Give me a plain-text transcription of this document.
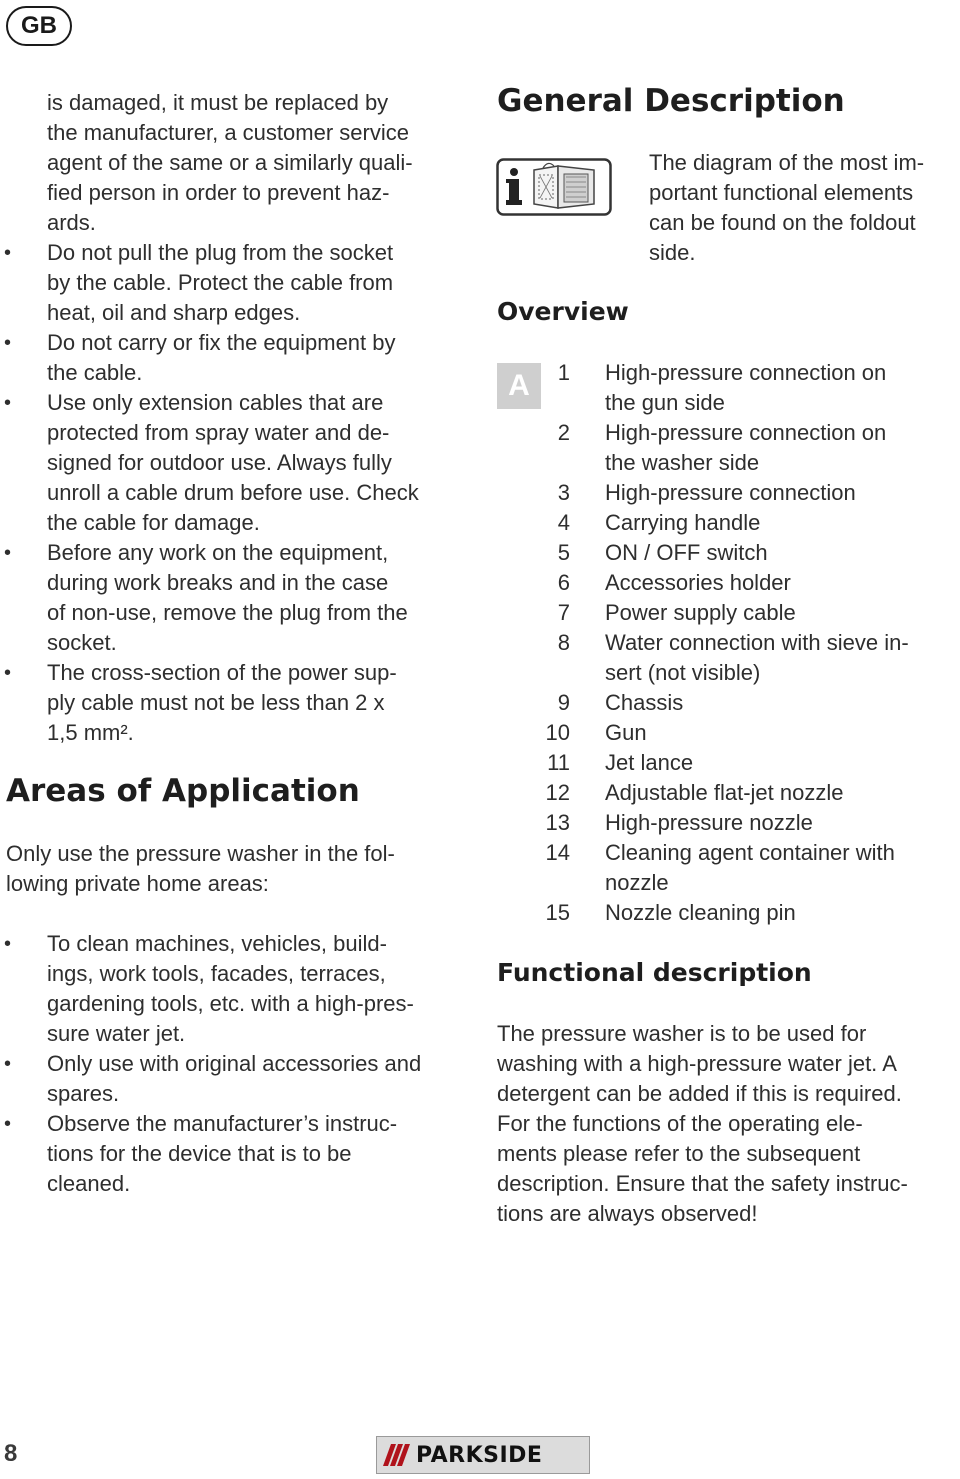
GB
is damaged, it must be replaced by
the manufacturer, a customer service
agent of the same or a similarly quali-
fied person in order to prevent haz-
ards.
Do not pull the plug from the socket
by the cable. Protect the cable from
heat, oil and sharp edges.
Do not carry or fix the equipment by
the cable.
Use only extension cables that are
protected from spray water and de-
signed for outdoor use. Always fully
unroll a cable drum before use. Check
the cable for damage.
Before any work on the equipment,
during work breaks and in the case
of non-use, remove the plug from the
socket.
The cross-section of the power sup-
ply cable must not be less than 2 x
1,5 mm².
•
•
•
•
•
Areas of Application
Only use the pressure washer in the fol-
lowing private home areas:
To clean machines, vehicles, build-
ings, work tools, facades, terraces,
gardening tools, etc. with a high-pres-
sure water jet.
Only use with original accessories and
spares.
Observe the manufacturer’s instruc-
tions for the device that is to be
cleaned.
•
•
•
General Description
The diagram of the most im-
portant functional elements
can be found on the foldout
side.
Overview
A	1 High-pressure connection on
the gun side
2 High-pressure connection on
the washer side
3 High-pressure connection
4 Carrying handle
5 ON / OFF switch
6 Accessories holder
7 Power supply cable
8 Water connection with sieve in-
sert (not visible)
9 Chassis
10 Gun
11 Jet lance
12 Adjustable flat-jet nozzle
13 High-pressure nozzle
14 Cleaning agent container with
nozzle
15 Nozzle cleaning pin
Functional description
The pressure washer is to be used for
washing with a high-pressure water jet. A
detergent can be added if this is required.
For the functions of the operating ele-
ments please refer to the subsequent
description. Ensure that the safety instruc-
tions are always observed!
8	PARKSIDE
